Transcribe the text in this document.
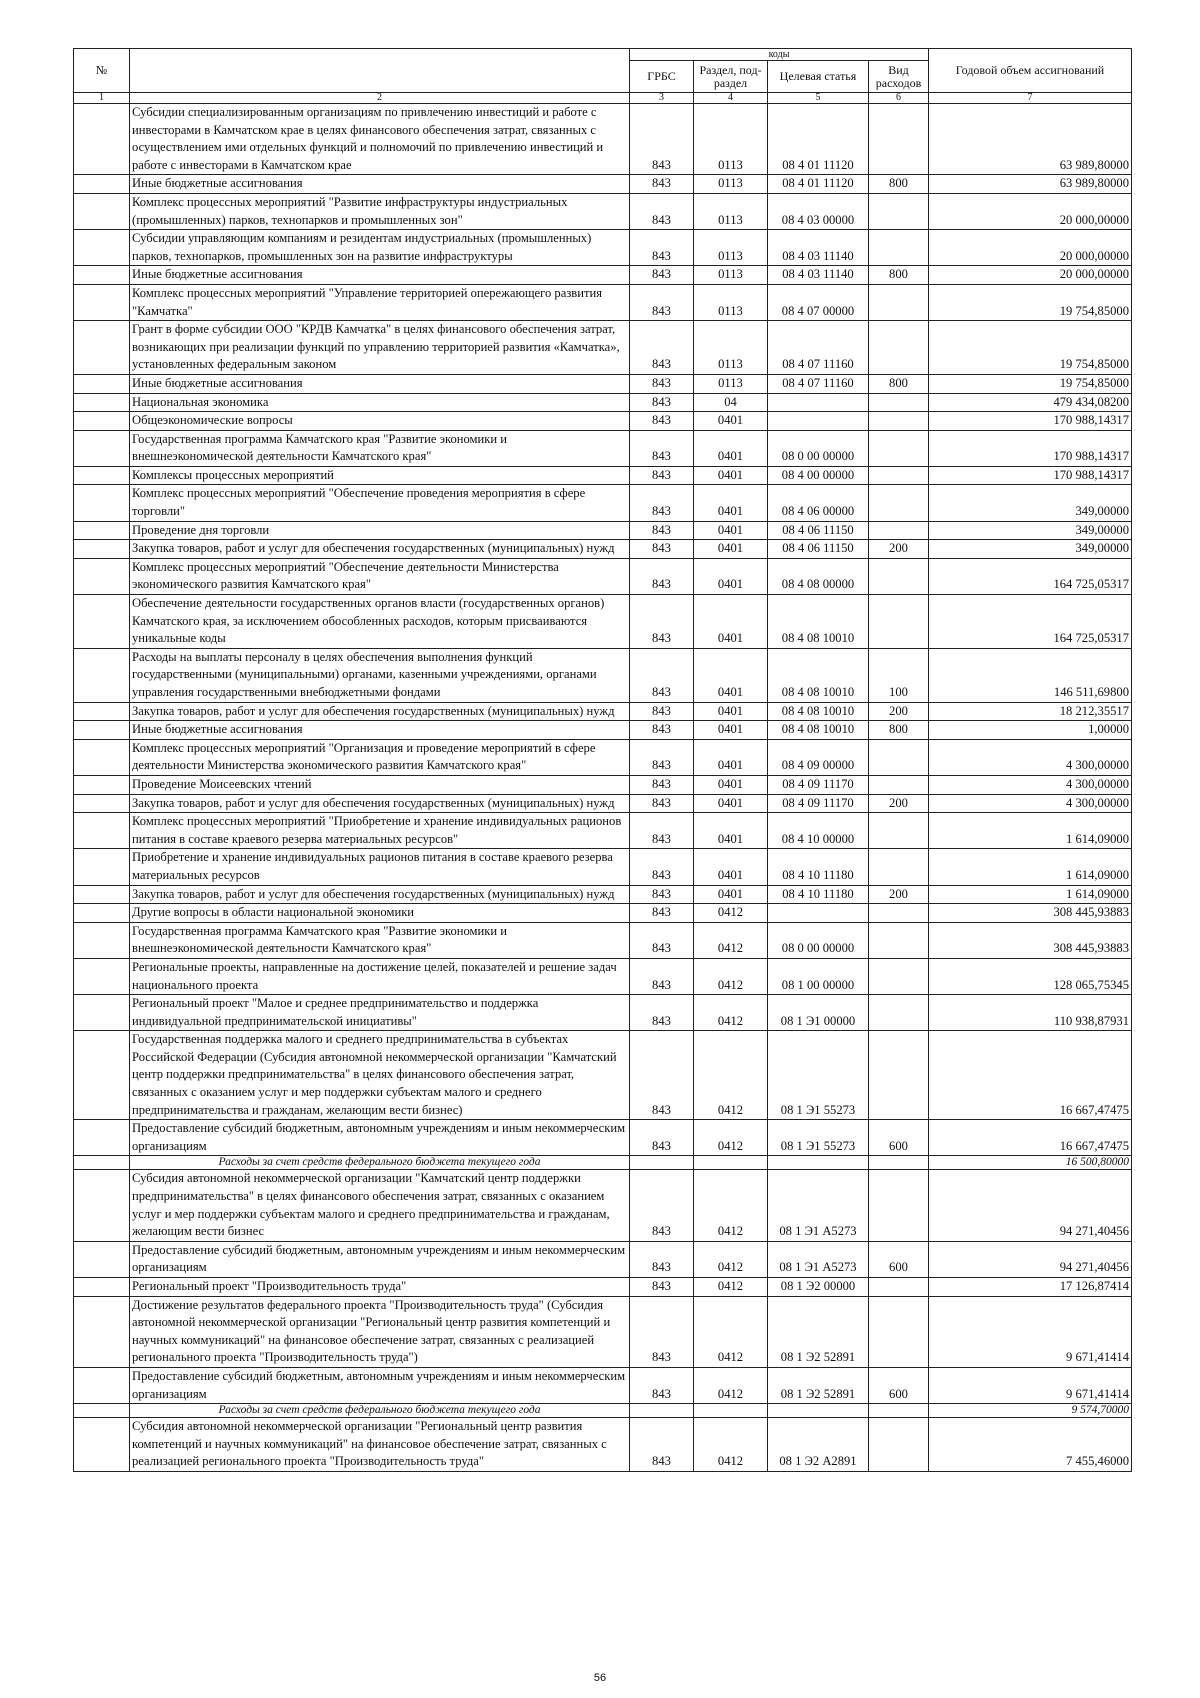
№		коды				Годовой объем ассигнований
		ГРБС	Раздел, под-раздел	Целевая статья	Вид расходов	
1	2	3	4	5	6	7
	Субсидии специализированным организациям по привлечению инвестиций и работе с инвесторами в Камчатском крае в целях финансового обеспечения затрат, связанных с осуществлением ими отдельных функций и полномочий по привлечению инвестиций и работе с инвесторами в Камчатском крае	843	0113	08 4 01 11120		63 989,80000
	Иные бюджетные ассигнования	843	0113	08 4 01 11120	800	63 989,80000
	Комплекс процессных мероприятий "Развитие инфраструктуры индустриальных (промышленных) парков, технопарков и промышленных зон"	843	0113	08 4 03 00000		20 000,00000
	Субсидии управляющим компаниям и резидентам индустриальных (промышленных) парков, технопарков, промышленных зон на развитие инфраструктуры	843	0113	08 4 03 11140		20 000,00000
	Иные бюджетные ассигнования	843	0113	08 4 03 11140	800	20 000,00000
	Комплекс процессных мероприятий "Управление территорией опережающего развития "Камчатка"	843	0113	08 4 07 00000		19 754,85000
	Грант в форме субсидии ООО "КРДВ Камчатка" в целях финансового обеспечения затрат, возникающих при реализации функций по управлению территорией развития «Камчатка», установленных федеральным законом	843	0113	08 4 07 11160		19 754,85000
	Иные бюджетные ассигнования	843	0113	08 4 07 11160	800	19 754,85000
	Национальная экономика	843	04			479 434,08200
	Общеэкономические вопросы	843	0401			170 988,14317
	Государственная программа Камчатского края "Развитие экономики и внешнеэкономической деятельности Камчатского края"	843	0401	08 0 00 00000		170 988,14317
	Комплексы процессных мероприятий	843	0401	08 4 00 00000		170 988,14317
	Комплекс процессных мероприятий "Обеспечение проведения мероприятия в сфере торговли"	843	0401	08 4 06 00000		349,00000
	Проведение дня торговли	843	0401	08 4 06 11150		349,00000
	Закупка товаров, работ и услуг для обеспечения государственных (муниципальных) нужд	843	0401	08 4 06 11150	200	349,00000
	Комплекс процессных мероприятий "Обеспечение деятельности Министерства экономического развития Камчатского края"	843	0401	08 4 08 00000		164 725,05317
	Обеспечение деятельности государственных органов власти (государственных органов) Камчатского края, за исключением обособленных расходов, которым присваиваются уникальные коды	843	0401	08 4 08 10010		164 725,05317
	Расходы на выплаты персоналу в целях обеспечения выполнения функций государственными (муниципальными) органами, казенными учреждениями, органами управления государственными внебюджетными фондами	843	0401	08 4 08 10010	100	146 511,69800
	Закупка товаров, работ и услуг для обеспечения государственных (муниципальных) нужд	843	0401	08 4 08 10010	200	18 212,35517
	Иные бюджетные ассигнования	843	0401	08 4 08 10010	800	1,00000
	Комплекс процессных мероприятий "Организация и проведение мероприятий в сфере деятельности Министерства экономического развития Камчатского края"	843	0401	08 4 09 00000		4 300,00000
	Проведение Моисеевских чтений	843	0401	08 4 09 11170		4 300,00000
	Закупка товаров, работ и услуг для обеспечения государственных (муниципальных) нужд	843	0401	08 4 09 11170	200	4 300,00000
	Комплекс процессных мероприятий "Приобретение и хранение индивидуальных рационов питания в составе краевого резерва материальных ресурсов"	843	0401	08 4 10 00000		1 614,09000
	Приобретение и хранение индивидуальных рационов питания в составе краевого резерва материальных ресурсов	843	0401	08 4 10 11180		1 614,09000
	Закупка товаров, работ и услуг для обеспечения государственных (муниципальных) нужд	843	0401	08 4 10 11180	200	1 614,09000
	Другие вопросы в области национальной экономики	843	0412			308 445,93883
	Государственная программа Камчатского края "Развитие экономики и внешнеэкономической деятельности Камчатского края"	843	0412	08 0 00 00000		308 445,93883
	Региональные проекты, направленные на достижение целей, показателей и решение задач национального проекта	843	0412	08 1 00 00000		128 065,75345
	Региональный проект "Малое и среднее предпринимательство и поддержка индивидуальной предпринимательской инициативы"	843	0412	08 1 Э1 00000		110 938,87931
	Государственная поддержка малого и среднего предпринимательства в субъектах Российской Федерации (Субсидия автономной некоммерческой организации "Камчатский центр поддержки предпринимательства" в целях финансового обеспечения затрат, связанных с оказанием услуг и мер поддержки субъектам малого и среднего предпринимательства и гражданам, желающим вести бизнес)	843	0412	08 1 Э1 55273		16 667,47475
	Предоставление субсидий бюджетным, автономным учреждениям и иным некоммерческим организациям	843	0412	08 1 Э1 55273	600	16 667,47475
	Расходы за счет средств федерального бюджета текущего года					16 500,80000
	Субсидия автономной некоммерческой организации "Камчатский центр поддержки предпринимательства" в целях финансового обеспечения затрат, связанных с оказанием услуг и мер поддержки субъектам малого и среднего предпринимательства и гражданам, желающим вести бизнес	843	0412	08 1 Э1 А5273		94 271,40456
	Предоставление субсидий бюджетным, автономным учреждениям и иным некоммерческим организациям	843	0412	08 1 Э1 А5273	600	94 271,40456
	Региональный проект "Производительность труда"	843	0412	08 1 Э2 00000		17 126,87414
	Достижение результатов федерального проекта "Производительность труда" (Субсидия автономной некоммерческой организации "Региональный центр развития компетенций и научных коммуникаций" на финансовое обеспечение затрат, связанных с реализацией регионального проекта "Производительность труда")	843	0412	08 1 Э2 52891		9 671,41414
	Предоставление субсидий бюджетным, автономным учреждениям и иным некоммерческим организациям	843	0412	08 1 Э2 52891	600	9 671,41414
	Расходы за счет средств федерального бюджета текущего года					9 574,70000
	Субсидия автономной некоммерческой организации "Региональный центр развития компетенций и научных коммуникаций" на финансовое обеспечение затрат, связанных с реализацией регионального проекта "Производительность труда"	843	0412	08 1 Э2 А2891		7 455,46000
56
